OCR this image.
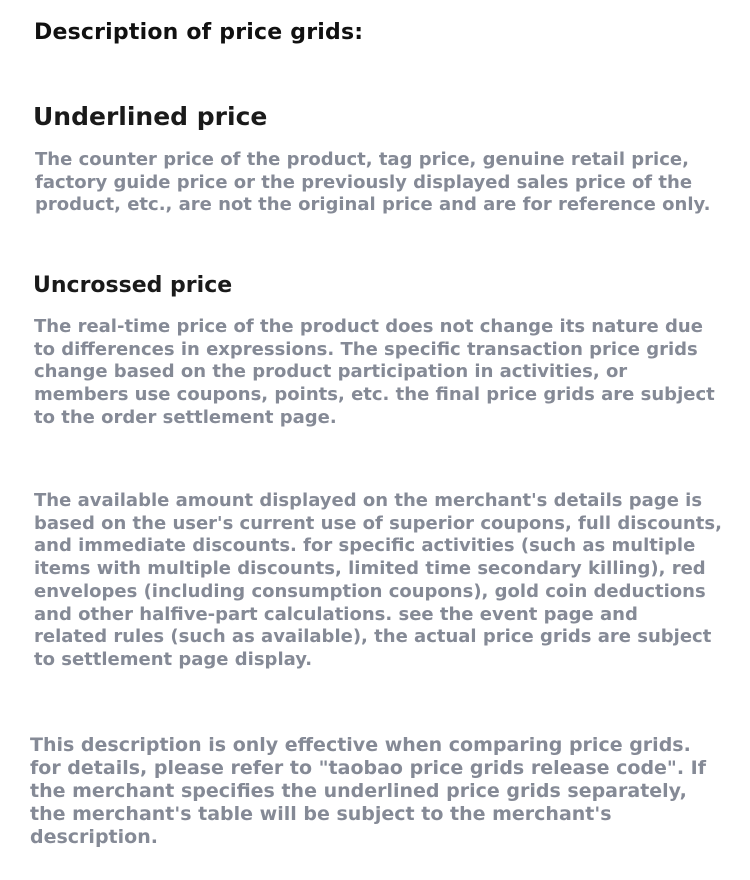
Description of price grids:
Underlined price
The counter price of the product, tag price, genuine retail price,
factory guide price or the previously displayed sales price of the
product, etc., are not the original price and are for reference only.
Uncrossed price
The real-time price of the product does not change its nature due
to differences in expressions. The specific transaction price grids
change based on the product participation in activities, or
members use coupons, points, etc. the final price grids are subject
to the order settlement page.
The available amount displayed on the merchant's details page is
based on the user's current use of superior coupons, full discounts,
and immediate discounts. for specific activities (such as multiple
items with multiple discounts, limited time secondary killing), red
envelopes (including consumption coupons), gold coin deductions
and other halfive-part calculations. see the event page and
related rules (such as available), the actual price grids are subject
to settlement page display.
This description is only effective when comparing price grids.
for details, please refer to "taobao price grids release code". If
the merchant specifies the underlined price grids separately,
the merchant's table will be subject to the merchant's
description.
